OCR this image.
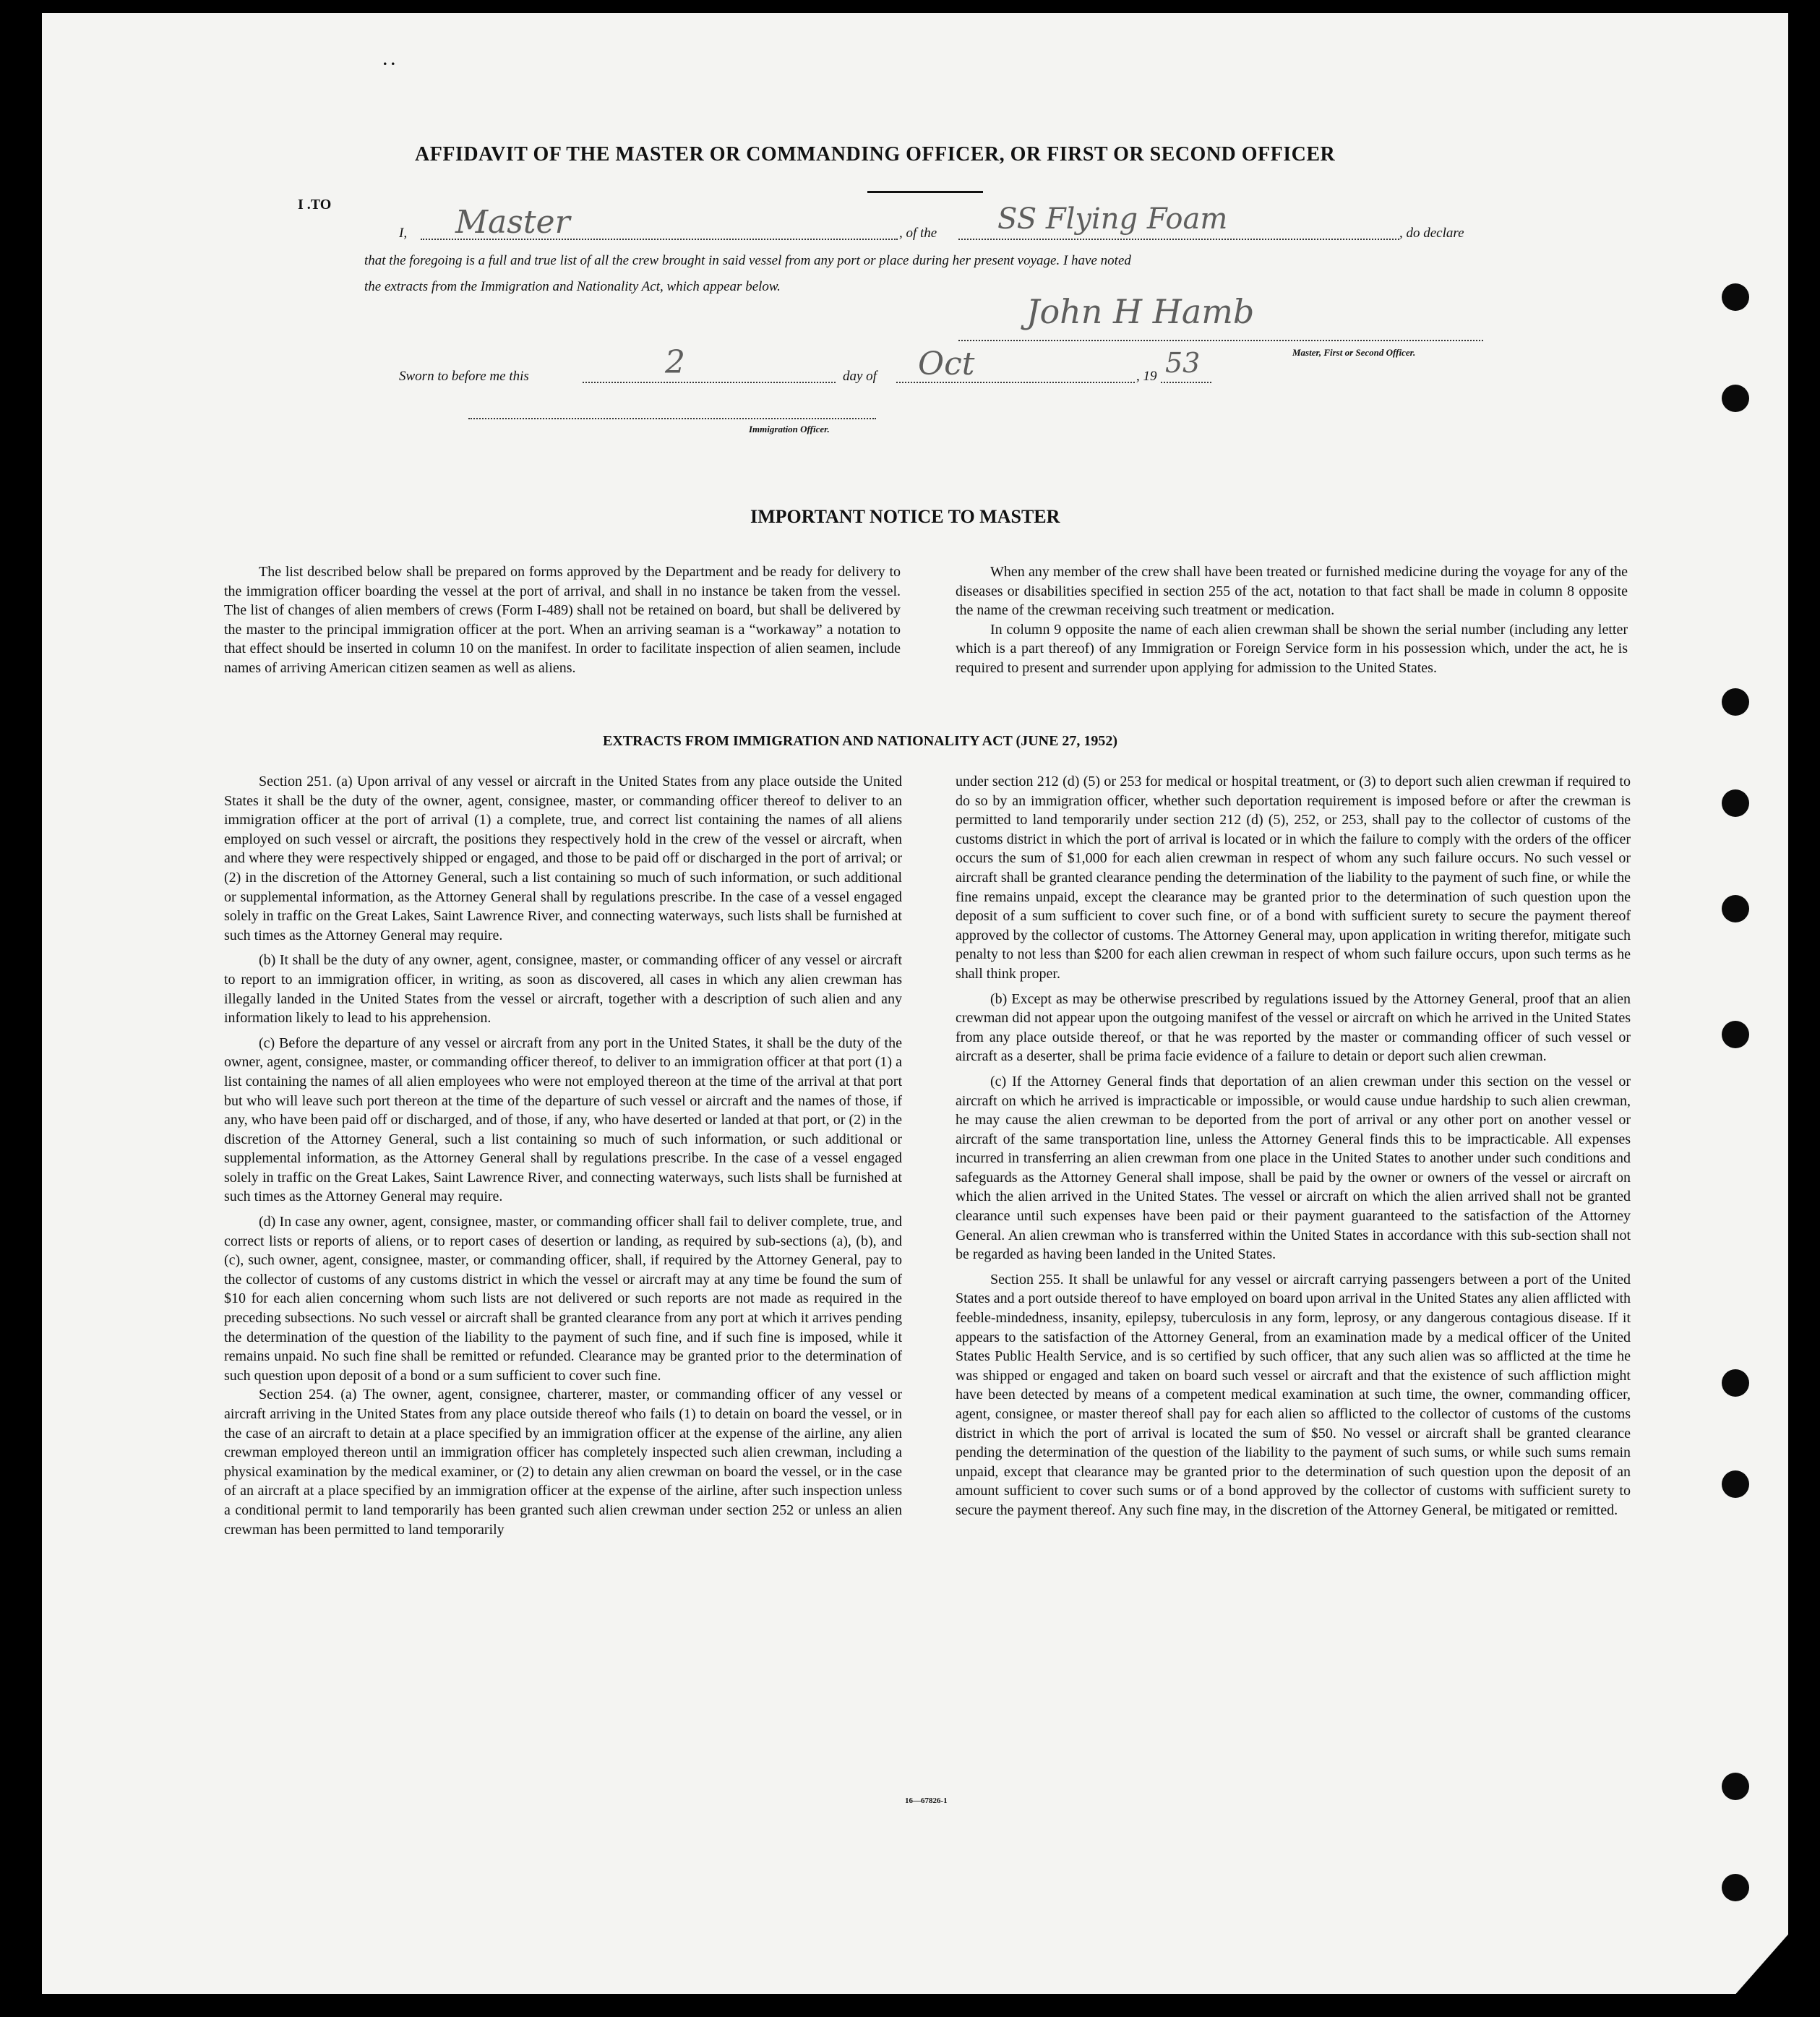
. .
AFFIDAVIT OF THE MASTER OR COMMANDING OFFICER, OR FIRST OR SECOND OFFICER
I .TO
I, Master	, of the SS Flying Foam	, do declare
that the foregoing is a full and true list of all the crew brought in said vessel from any port or place during her present voyage. I have noted
the extracts from the Immigration and Nationality Act, which appear below.
John H Hamb
Master, First or Second Officer.
Sworn to before me this	2	day of Oct	, 19 53
Immigration Officer.
IMPORTANT NOTICE TO MASTER

The list described below shall be prepared on forms approved by the Department and be ready for delivery to the immigration officer boarding the vessel at the port of arrival, and shall in no instance be taken from the vessel. The list of changes of alien members of crews (Form I-489) shall not be retained on board, but shall be delivered by the master to the principal immigration officer at the port. When an arriving seaman is a “workaway” a notation to that effect should be inserted in column 10 on the manifest. In order to facilitate inspection of alien seamen, include names of arriving American citizen seamen as well as aliens.

When any member of the crew shall have been treated or furnished medicine during the voyage for any of the diseases or disabilities specified in section 255 of the act, notation to that fact shall be made in column 8 opposite the name of the crewman receiving such treatment or medication.

In column 9 opposite the name of each alien crewman shall be shown the serial number (including any letter which is a part thereof) of any Immigration or Foreign Service form in his possession which, under the act, he is required to present and surrender upon applying for admission to the United States.

EXTRACTS FROM IMMIGRATION AND NATIONALITY ACT (JUNE 27, 1952)

Section 251. (a) Upon arrival of any vessel or aircraft in the United States from any place outside the United States it shall be the duty of the owner, agent, consignee, master, or commanding officer thereof to deliver to an immigration officer at the port of arrival (1) a complete, true, and correct list containing the names of all aliens employed on such vessel or aircraft, the positions they respectively hold in the crew of the vessel or aircraft, when and where they were respectively shipped or engaged, and those to be paid off or discharged in the port of arrival; or (2) in the discretion of the Attorney General, such a list containing so much of such information, or such additional or supplemental information, as the Attorney General shall by regulations prescribe. In the case of a vessel engaged solely in traffic on the Great Lakes, Saint Lawrence River, and connecting waterways, such lists shall be furnished at such times as the Attorney General may require.

(b) It shall be the duty of any owner, agent, consignee, master, or commanding officer of any vessel or aircraft to report to an immigration officer, in writing, as soon as discovered, all cases in which any alien crewman has illegally landed in the United States from the vessel or aircraft, together with a description of such alien and any information likely to lead to his apprehension.

(c) Before the departure of any vessel or aircraft from any port in the United States, it shall be the duty of the owner, agent, consignee, master, or commanding officer thereof, to deliver to an immigration officer at that port (1) a list containing the names of all alien employees who were not employed thereon at the time of the arrival at that port but who will leave such port thereon at the time of the departure of such vessel or aircraft and the names of those, if any, who have been paid off or discharged, and of those, if any, who have deserted or landed at that port, or (2) in the discretion of the Attorney General, such a list containing so much of such information, or such additional or supplemental information, as the Attorney General shall by regulations prescribe. In the case of a vessel engaged solely in traffic on the Great Lakes, Saint Lawrence River, and connecting waterways, such lists shall be furnished at such times as the Attorney General may require.

(d) In case any owner, agent, consignee, master, or commanding officer shall fail to deliver complete, true, and correct lists or reports of aliens, or to report cases of desertion or landing, as required by sub-sections (a), (b), and (c), such owner, agent, consignee, master, or commanding officer, shall, if required by the Attorney General, pay to the collector of customs of any customs district in which the vessel or aircraft may at any time be found the sum of $10 for each alien concerning whom such lists are not delivered or such reports are not made as required in the preceding subsections. No such vessel or aircraft shall be granted clearance from any port at which it arrives pending the determination of the question of the liability to the payment of such fine, and if such fine is imposed, while it remains unpaid. No such fine shall be remitted or refunded. Clearance may be granted prior to the determination of such question upon deposit of a bond or a sum sufficient to cover such fine.

Section 254. (a) The owner, agent, consignee, charterer, master, or commanding officer of any vessel or aircraft arriving in the United States from any place outside thereof who fails (1) to detain on board the vessel, or in the case of an aircraft to detain at a place specified by an immigration officer at the expense of the airline, any alien crewman employed thereon until an immigration officer has completely inspected such alien crewman, including a physical examination by the medical examiner, or (2) to detain any alien crewman on board the vessel, or in the case of an aircraft at a place specified by an immigration officer at the expense of the airline, after such inspection unless a conditional permit to land temporarily has been granted such alien crewman under section 252 or unless an alien crewman has been permitted to land temporarily

under section 212 (d) (5) or 253 for medical or hospital treatment, or (3) to deport such alien crewman if required to do so by an immigration officer, whether such deportation requirement is imposed before or after the crewman is permitted to land temporarily under section 212 (d) (5), 252, or 253, shall pay to the collector of customs of the customs district in which the port of arrival is located or in which the failure to comply with the orders of the officer occurs the sum of $1,000 for each alien crewman in respect of whom any such failure occurs. No such vessel or aircraft shall be granted clearance pending the determination of the liability to the payment of such fine, or while the fine remains unpaid, except the clearance may be granted prior to the determination of such question upon the deposit of a sum sufficient to cover such fine, or of a bond with sufficient surety to secure the payment thereof approved by the collector of customs. The Attorney General may, upon application in writing therefor, mitigate such penalty to not less than $200 for each alien crewman in respect of whom such failure occurs, upon such terms as he shall think proper.

(b) Except as may be otherwise prescribed by regulations issued by the Attorney General, proof that an alien crewman did not appear upon the outgoing manifest of the vessel or aircraft on which he arrived in the United States from any place outside thereof, or that he was reported by the master or commanding officer of such vessel or aircraft as a deserter, shall be prima facie evidence of a failure to detain or deport such alien crewman.

(c) If the Attorney General finds that deportation of an alien crewman under this section on the vessel or aircraft on which he arrived is impracticable or impossible, or would cause undue hardship to such alien crewman, he may cause the alien crewman to be deported from the port of arrival or any other port on another vessel or aircraft of the same transportation line, unless the Attorney General finds this to be impracticable. All expenses incurred in transferring an alien crewman from one place in the United States to another under such conditions and safeguards as the Attorney General shall impose, shall be paid by the owner or owners of the vessel or aircraft on which the alien arrived in the United States. The vessel or aircraft on which the alien arrived shall not be granted clearance until such expenses have been paid or their payment guaranteed to the satisfaction of the Attorney General. An alien crewman who is transferred within the United States in accordance with this sub-section shall not be regarded as having been landed in the United States.

Section 255. It shall be unlawful for any vessel or aircraft carrying passengers between a port of the United States and a port outside thereof to have employed on board upon arrival in the United States any alien afflicted with feeble-mindedness, insanity, epilepsy, tuberculosis in any form, leprosy, or any dangerous contagious disease. If it appears to the satisfaction of the Attorney General, from an examination made by a medical officer of the United States Public Health Service, and is so certified by such officer, that any such alien was so afflicted at the time he was shipped or engaged and taken on board such vessel or aircraft and that the existence of such affliction might have been detected by means of a competent medical examination at such time, the owner, commanding officer, agent, consignee, or master thereof shall pay for each alien so afflicted to the collector of customs of the customs district in which the port of arrival is located the sum of $50. No vessel or aircraft shall be granted clearance pending the determination of the question of the liability to the payment of such sums, or while such sums remain unpaid, except that clearance may be granted prior to the determination of such question upon the deposit of an amount sufficient to cover such sums or of a bond approved by the collector of customs with sufficient surety to secure the payment thereof. Any such fine may, in the discretion of the Attorney General, be mitigated or remitted.

16—67826-1
